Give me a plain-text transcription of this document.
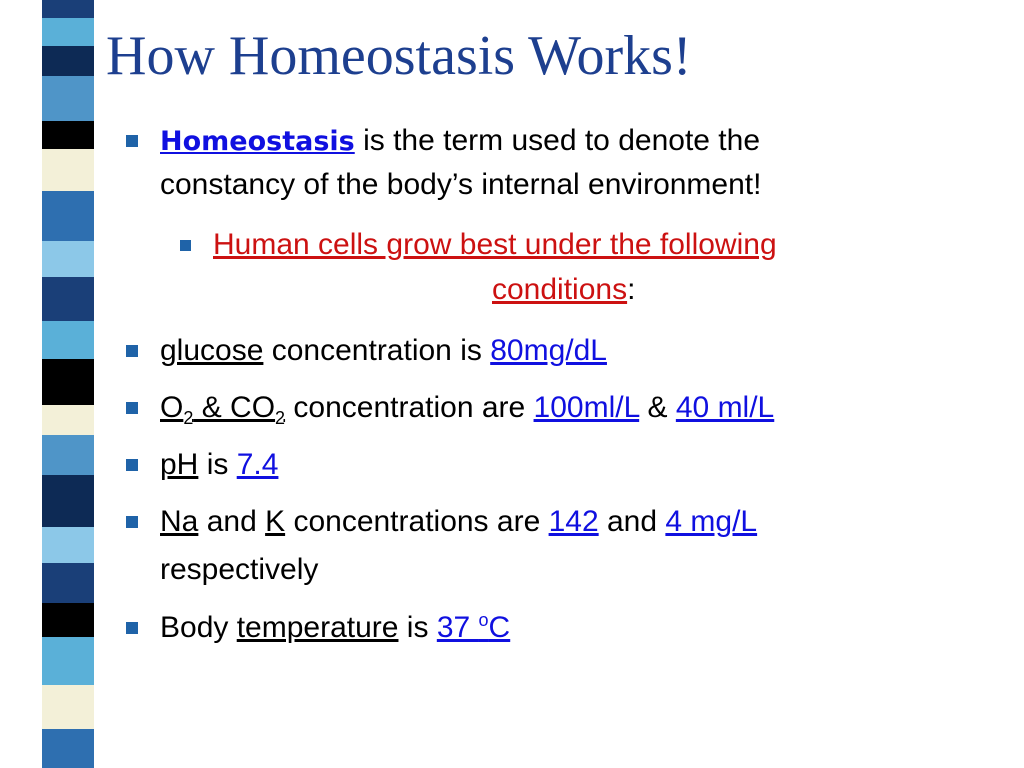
How Homeostasis Works!

Homeostasis is the term used to denote the

constancy of the body’s internal environment!

Human cells grow best under the following

conditions:

glucose concentration is 80mg/dL

$O_2$ & $CO_2$ concentration are 100ml/L & 40 ml/L

pH is 7.4

Na and K concentrations are 142 and 4 mg/L

respectively

Body temperature is 37 $^o$C
